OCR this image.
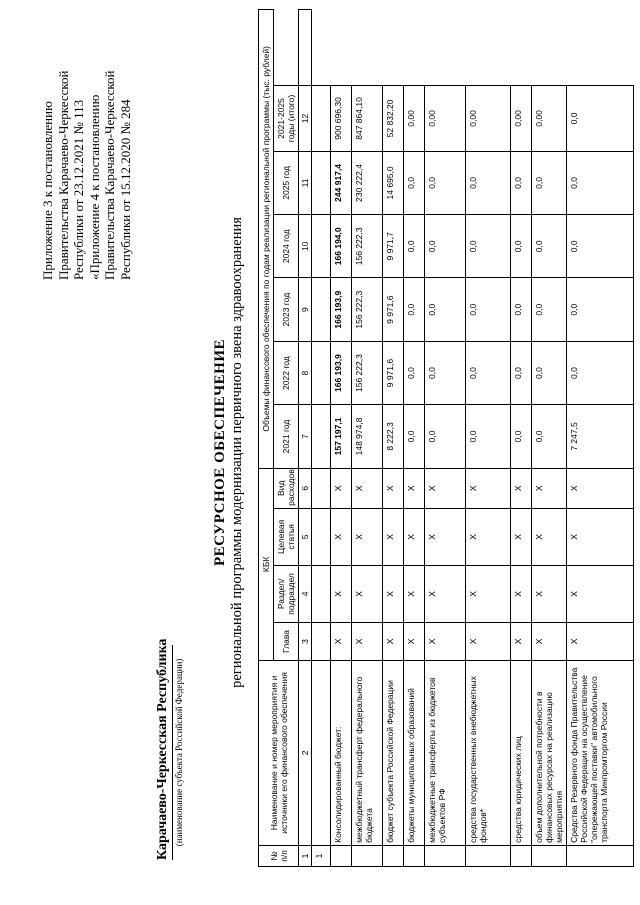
Приложение 3 к постановлению Правительства Карачаево-Черкесской Республики от 23.12.2021 № 113 «Приложение 4 к постановлению Правительства Карачаево-Черкесской Республики от 15.12.2020 № 284
Карачаево-Черкесская Республика (наименование субъекта Российской Федерации)
РЕСУРСНОЕ ОБЕСПЕЧЕНИЕ региональной программы модернизации первичного звена здравоохранения
№ п/п	Наименование и номер мероприятия и источники его финансового обеспечения	КБК				Объемы финансового обеспечения по годам реализации региональной программы (тыс. рублей)						
		Глава	Раздел/ подраздел	Целевая статья	Вид расходов	2021 год	2022 год	2023 год	2024 год	2025 год	2021-2025 годы (итого)	
1	2	3	4	5	6	7	8	9	10	11	12	
1												
	Консолидированный бюджет:	Х	Х	Х	Х	157 197,1	166 193,9	166 193,9	166 194,0	244 917,4	900 696,30	
	межбюджетный трансферт федерального бюджета	Х	Х	Х	Х	148 974,8	156 222,3	156 222,3	156 222,3	230 222,4	847 864,10	
	бюджет субъекта Российской Федерации	Х	Х	Х	Х	8 222,3	9 971,6	9 971,6	9 971,7	14 695,0	52 832,20	
	бюджеты муниципальных образований	Х	Х	Х	Х	0,0	0,0	0,0	0,0	0,0	0,00	
	межбюджетные трансферты из бюджетов субъектов РФ	Х	Х	Х	Х	0,0	0,0	0,0	0,0	0,0	0,00	
	средства государственных внебюджетных фондов*	Х	Х	Х	Х	0,0	0,0	0,0	0,0	0,0	0,00	
	средства юридических лиц	Х	Х	Х	Х	0,0	0,0	0,0	0,0	0,0	0,00	
	объем дополнительной потребности в финансовых ресурсах на реализацию мероприятия	Х	Х	Х	Х	0,0	0,0	0,0	0,0	0,0	0,00	
	Средства Резервного фонда Правительства Российской Федерации на осуществление "опережающей поставки" автомобильного транспорта Минпромторгом России	Х	Х	Х	Х	7 247,5	0,0	0,0	0,0	0,0	0,0	
